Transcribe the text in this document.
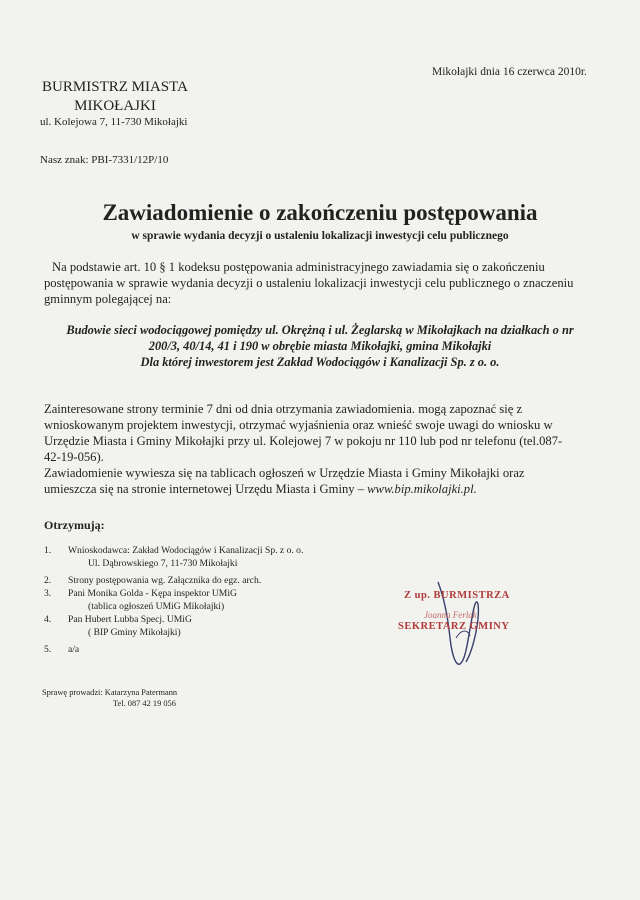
Mikołajki dnia 16 czerwca 2010r.
BURMISTRZ MIASTA
MIKOŁAJKI
ul. Kolejowa 7, 11-730 Mikołajki
Nasz znak: PBI-7331/12P/10
Zawiadomienie o zakończeniu postępowania
w sprawie wydania decyzji o ustaleniu lokalizacji inwestycji celu publicznego
Na podstawie art. 10 § 1 kodeksu postępowania administracyjnego zawiadamia się o zakończeniu
postępowania w sprawie wydania decyzji o ustaleniu lokalizacji inwestycji celu publicznego o znaczeniu
gminnym polegającej na:
Budowie sieci wodociągowej pomiędzy ul. Okrężną i ul. Żeglarską w Mikołajkach na działkach o nr
200/3, 40/14, 41 i 190 w obrębie miasta Mikołajki, gmina Mikołajki
Dla której inwestorem jest Zakład Wodociągów i Kanalizacji Sp. z o. o.
Zainteresowane strony terminie 7 dni od dnia otrzymania zawiadomienia. mogą zapoznać się z
wnioskowanym projektem inwestycji, otrzymać wyjaśnienia oraz wnieść swoje uwagi do wniosku w
Urzędzie Miasta i Gminy Mikołajki przy ul. Kolejowej 7 w pokoju nr 110 lub pod nr telefonu (tel.087-
42-19-056).
Zawiadomienie wywiesza się na tablicach ogłoszeń w Urzędzie Miasta i Gminy Mikołajki oraz
umieszcza się na stronie internetowej Urzędu Miasta i Gminy – www.bip.mikolajki.pl.
Otrzymują:
1. Wnioskodawca: Zakład Wodociągów i Kanalizacji Sp. z o. o.
Ul. Dąbrowskiego 7, 11-730 Mikołajki
2. Strony postępowania wg. Załącznika do egz. arch.
3. Pani Monika Golda - Kępa inspektor UMiG
(tablica ogłoszeń UMiG Mikołajki)
4. Pan Hubert Lubba Specj. UMiG
( BIP Gminy Mikołajki)
5. a/a
Z up. BURMISTRZA
Joanna Ferlak
SEKRETARZ GMINY
Sprawę prowadzi: Katarzyna Patermann
Tel. 087 42 19 056
